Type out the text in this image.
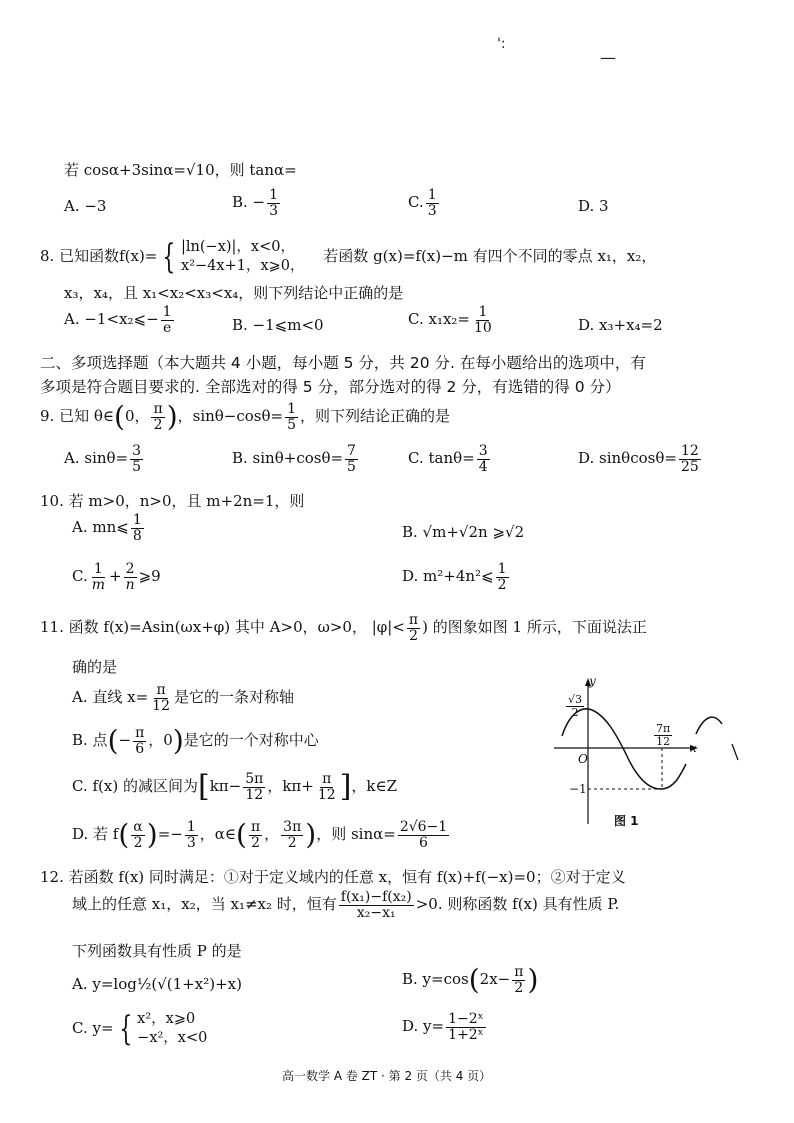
':
—
若 cosα+3sinα=√10，则 tanα=
A. −3	B. − $\frac{1}{3}$	C. $\frac{1}{3}$	D. 3
8. 已知函数f(x)= { |ln(−x)|，x<0，
x²−4x+1，x⩾0，
若函数 g(x)=f(x)−m 有四个不同的零点 x₁，x₂，
x₃，x₄，且 x₁<x₂<x₃<x₄，则下列结论中正确的是
A. −1<x₂⩽− $\frac{1}{e}$	B. −1⩽m<0	C. $x_1x_2= \frac{1}{10}$	D. x₃+x₄=2
二、多项选择题（本大题共 4 小题，每小题 5 分，共 20 分. 在每小题给出的选项中，有
多项是符合题目要求的. 全部选对的得 5 分，部分选对的得 2 分，有选错的得 0 分）
9. 已知 θ∈(0， $\frac{\pi}{2}$ )，$\sin\theta-\cos\theta= \frac{1}{5}$ ，则下列结论正确的是
A. $\sin\theta= \frac{3}{5}$	B. $\sin\theta+\cos\theta= \frac{7}{5}$	C. $\tan\theta= \frac{3}{4}$	D. $\sin\theta\cos\theta= \frac{12}{25}$
10. 若 m>0，n>0，且 m+2n=1，则
A. mn⩽ $\frac{1}{8}$	B. √m+√2n ⩾√2
C. $\frac{1}{m} + \frac{2}{n}$ ⩾9	D. m²+4n²⩽ $\frac{1}{2}$
11. 函数 f(x)=Asin(ωx+φ) 其中 A>0，ω>0， $|\varphi|< \frac{\pi}{2}$ ) 的图象如图 1 所示，下面说法正
确的是
A. 直线 $x= \frac{\pi}{12}$ 是它的一条对称轴
B. 点(− $\frac{\pi}{6}$ ，0)是它的一个对称中心
C. f(x) 的减区间为[$k\pi- \frac{5\pi}{12}$ ，$k\pi+ \frac{\pi}{12}$ ]，k∈Z
D. 若 $f( \frac{\alpha}{2}$ )=− $\frac{1}{3}$ ，α∈( $\frac{\pi}{2}$ ， $\frac{3\pi}{2}$ )，则 $\sin\alpha= \frac{2√6-1}{6}$
y
x
O
$\frac{√3}{2}$
$\frac{7\pi}{12}$
−1
图 1
12. 若函数 f(x) 同时满足：①对于定义域内的任意 x，恒有 f(x)+f(−x)=0；②对于定义
域上的任意 x₁，x₂，当 x₁≠x₂ 时，恒有 $\frac{\text{f(x₁)−f(x₂)}}{\text{x₂−x₁}} >0$. 则称函数 f(x) 具有性质 P.
下列函数具有性质 P 的是
A. y=log½(√(1+x²)+x)	B. $y=\cos(2x- \frac{\pi}{2}$ )
C. y= { x²，x⩾0
−x²，x<0
D. $y= \frac{\text{1−2ˣ}}{\text{1+2ˣ}}$
高一数学 A 卷 ZT · 第 2 页（共 4 页）
